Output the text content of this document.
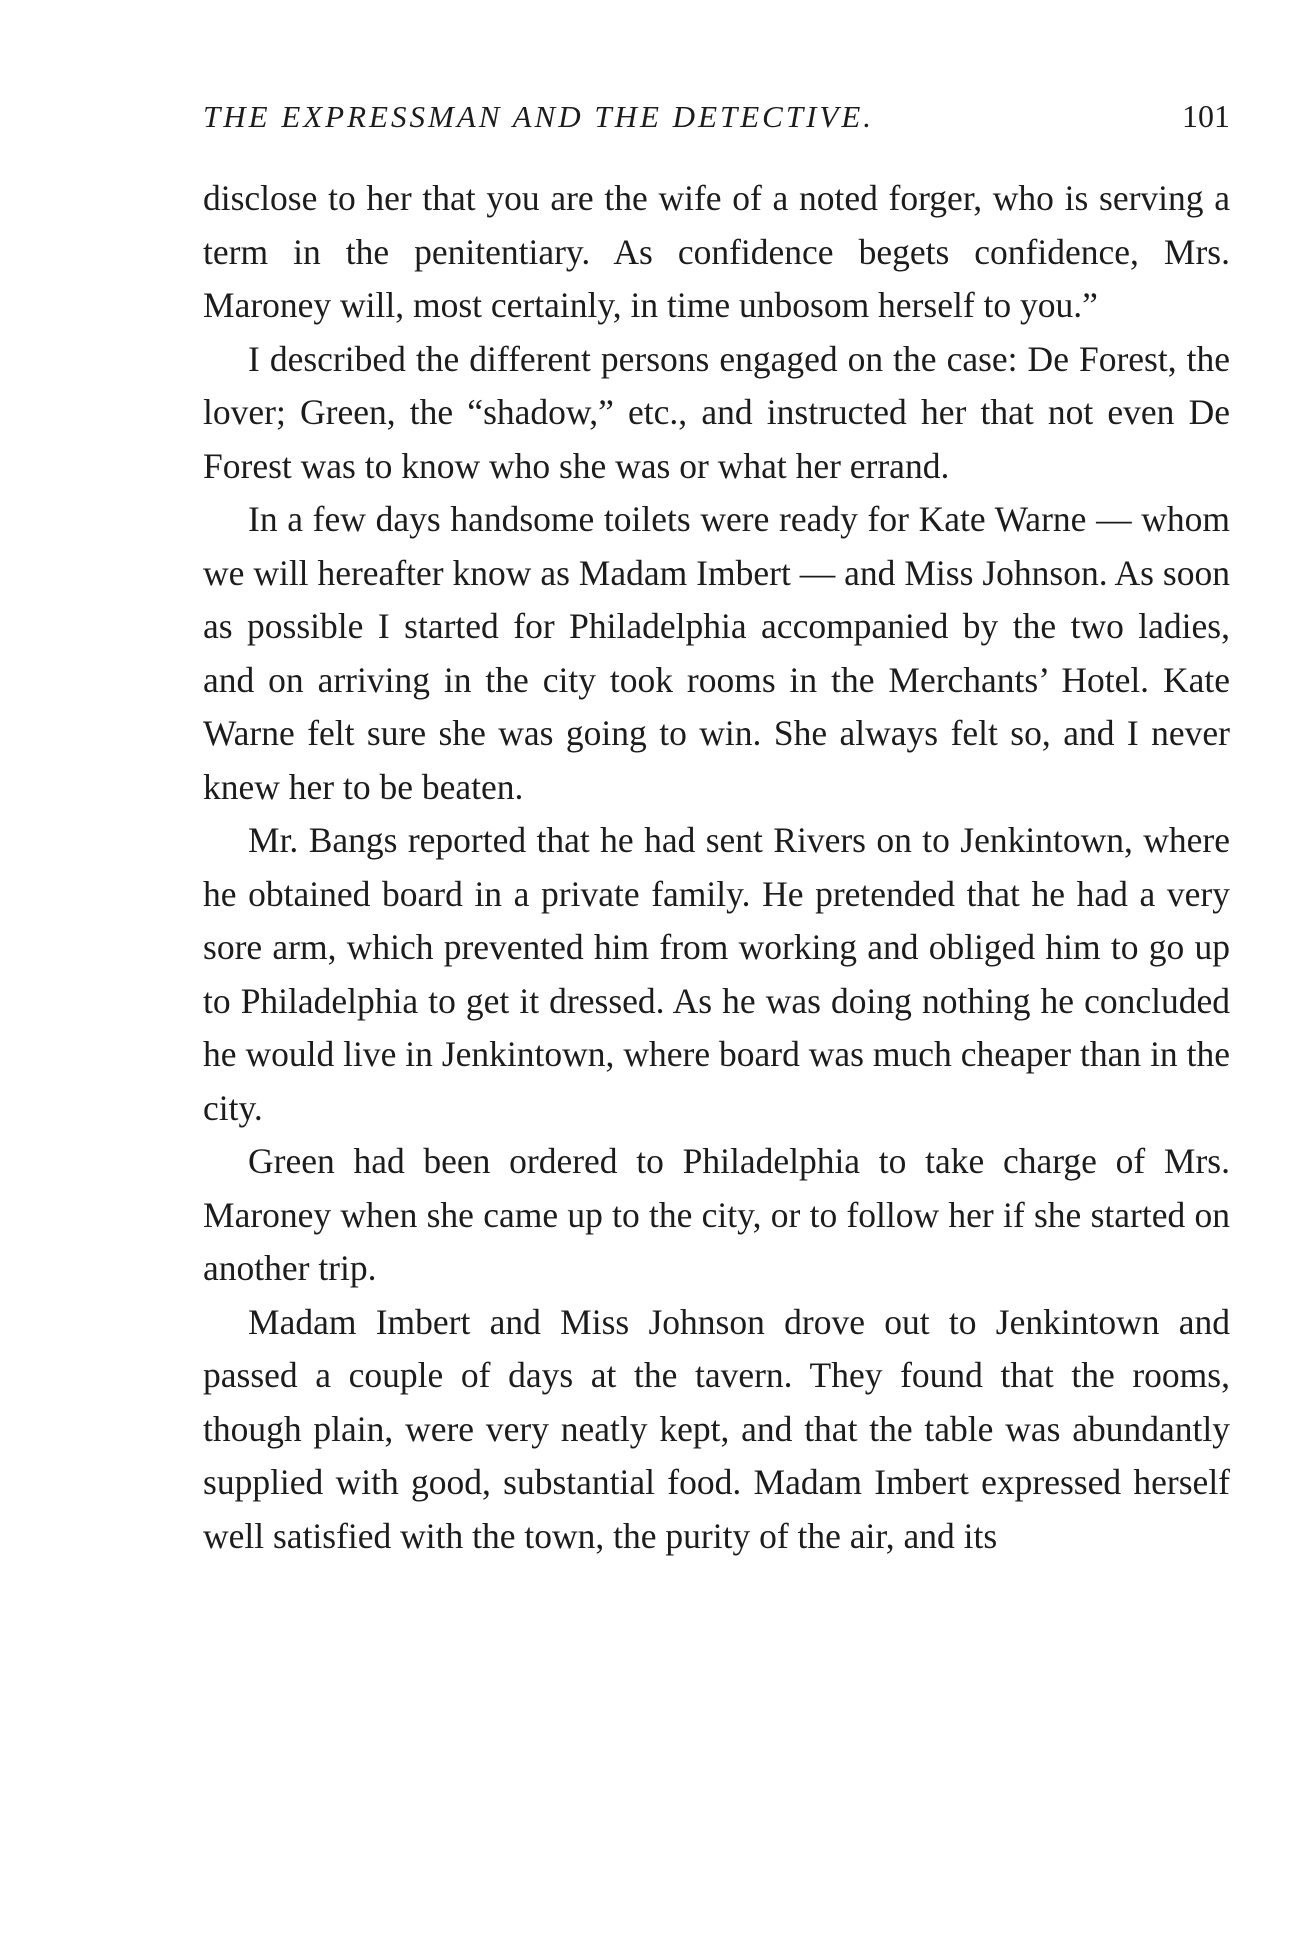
THE EXPRESSMAN AND THE DETECTIVE.	101

disclose to her that you are the wife of a noted forger, who is serving a term in the penitentiary. As confidence begets confidence, Mrs. Maroney will, most certainly, in time unbosom herself to you.”

I described the different persons engaged on the case: De Forest, the lover; Green, the “shadow,” etc., and instructed her that not even De Forest was to know who she was or what her errand.

In a few days handsome toilets were ready for Kate Warne — whom we will hereafter know as Madam Imbert — and Miss Johnson. As soon as possible I started for Philadelphia accompanied by the two ladies, and on arriving in the city took rooms in the Merchants’ Hotel. Kate Warne felt sure she was going to win. She always felt so, and I never knew her to be beaten.

Mr. Bangs reported that he had sent Rivers on to Jenkintown, where he obtained board in a private family. He pretended that he had a very sore arm, which prevented him from working and obliged him to go up to Philadelphia to get it dressed. As he was doing nothing he concluded he would live in Jenkintown, where board was much cheaper than in the city.

Green had been ordered to Philadelphia to take charge of Mrs. Maroney when she came up to the city, or to follow her if she started on another trip.

Madam Imbert and Miss Johnson drove out to Jenkintown and passed a couple of days at the tavern. They found that the rooms, though plain, were very neatly kept, and that the table was abundantly supplied with good, substantial food. Madam Imbert expressed herself well satisfied with the town, the purity of the air, and its
